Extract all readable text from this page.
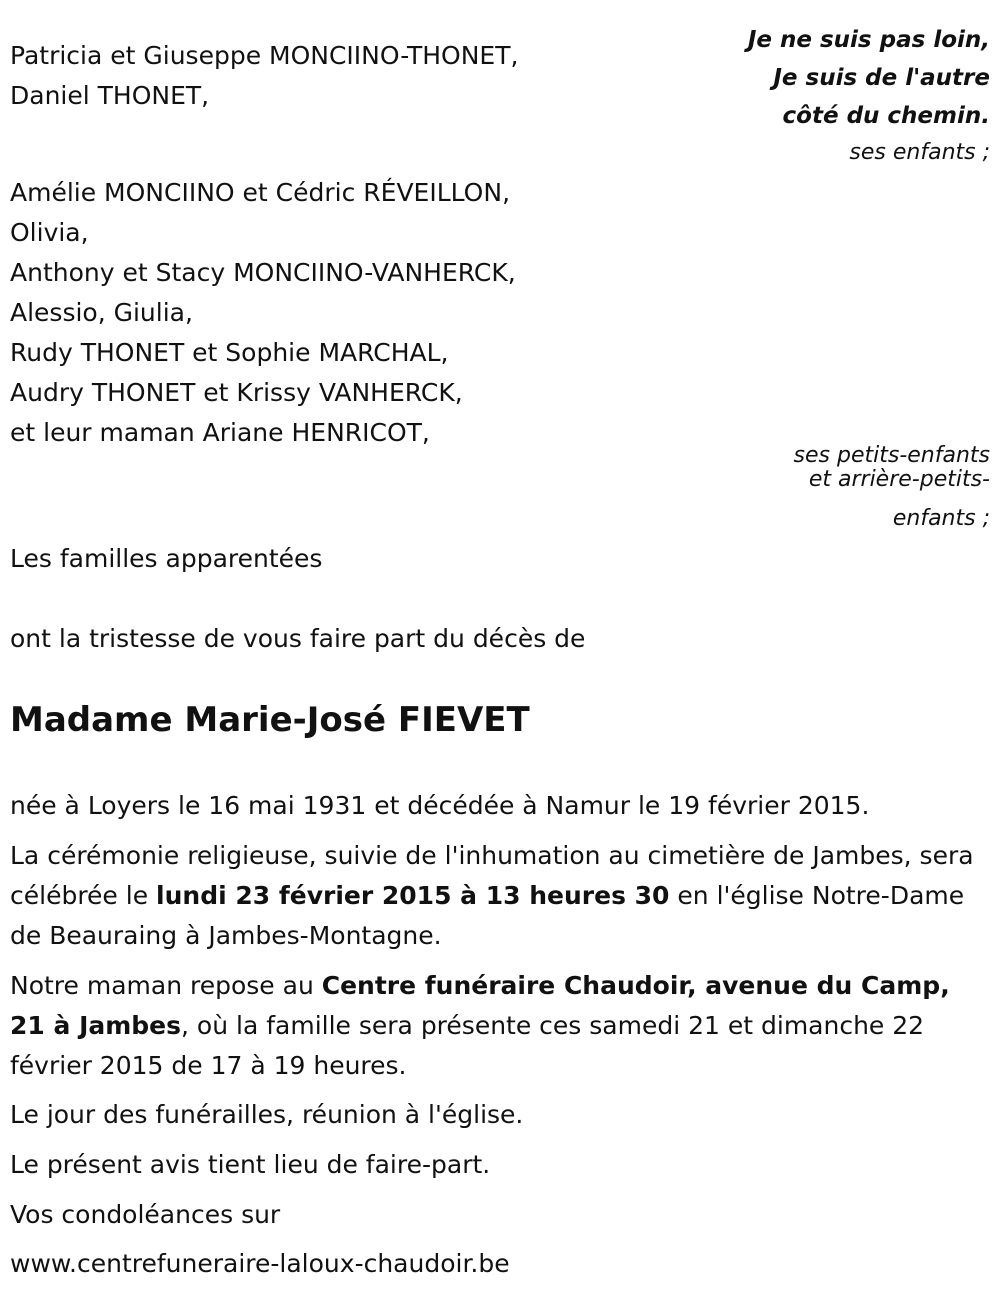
Je ne suis pas loin,
Je suis de l'autre
côté du chemin.
Patricia et Giuseppe MONCIINO-THONET,
Daniel THONET,
ses enfants ;
Amélie MONCIINO et Cédric RÉVEILLON,
Olivia,
Anthony et Stacy MONCIINO-VANHERCK,
Alessio, Giulia,
Rudy THONET et Sophie MARCHAL,
Audry THONET et Krissy VANHERCK,
et leur maman Ariane HENRICOT,
ses petits-enfants
et arrière-petits-
enfants ;
Les familles apparentées
ont la tristesse de vous faire part du décès de
Madame Marie-José FIEVET
née à Loyers le 16 mai 1931 et décédée à Namur le 19 février 2015.
La cérémonie religieuse, suivie de l'inhumation au cimetière de Jambes, sera célébrée le lundi 23 février 2015 à 13 heures 30 en l'église Notre-Dame de Beauraing à Jambes-Montagne.
Notre maman repose au Centre funéraire Chaudoir, avenue du Camp, 21 à Jambes, où la famille sera présente ces samedi 21 et dimanche 22 février 2015 de 17 à 19 heures.
Le jour des funérailles, réunion à l'église.
Le présent avis tient lieu de faire-part.
Vos condoléances sur
www.centrefuneraire-laloux-chaudoir.be
